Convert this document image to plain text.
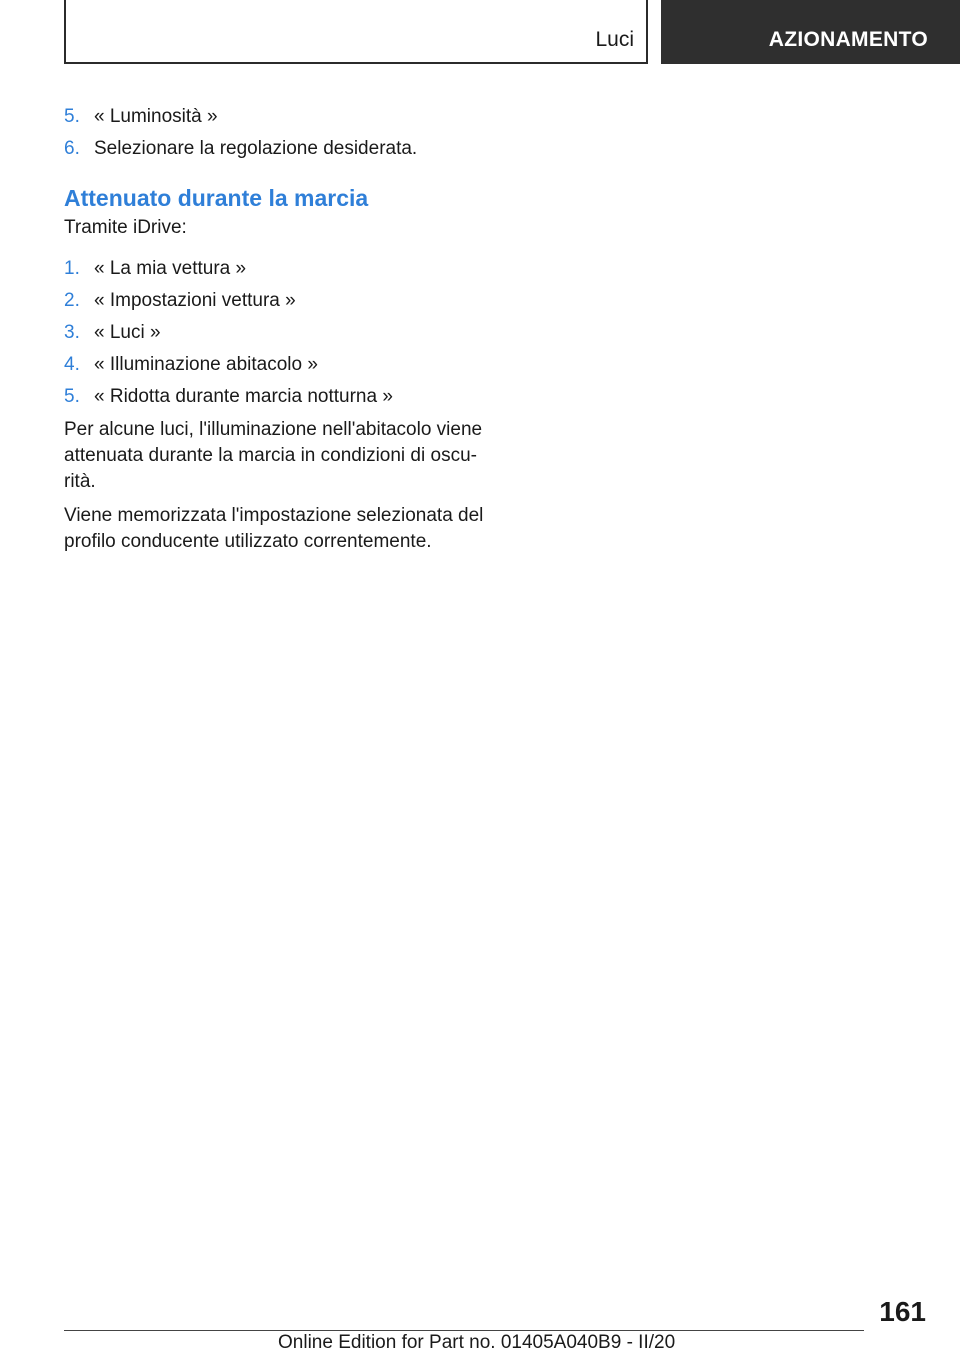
Luci	AZIONAMENTO
5. « Luminosità »
6. Selezionare la regolazione desiderata.
Attenuato durante la marcia
Tramite iDrive:
1. « La mia vettura »
2. « Impostazioni vettura »
3. « Luci »
4. « Illuminazione abitacolo »
5. « Ridotta durante marcia notturna »

Per alcune luci, l'illuminazione nell'abitacolo viene attenuata durante la marcia in condizioni di oscu‐ rità.

Viene memorizzata l'impostazione selezionata del profilo conducente utilizzato correntemente.

161
Online Edition for Part no. 01405A040B9 - II/20
